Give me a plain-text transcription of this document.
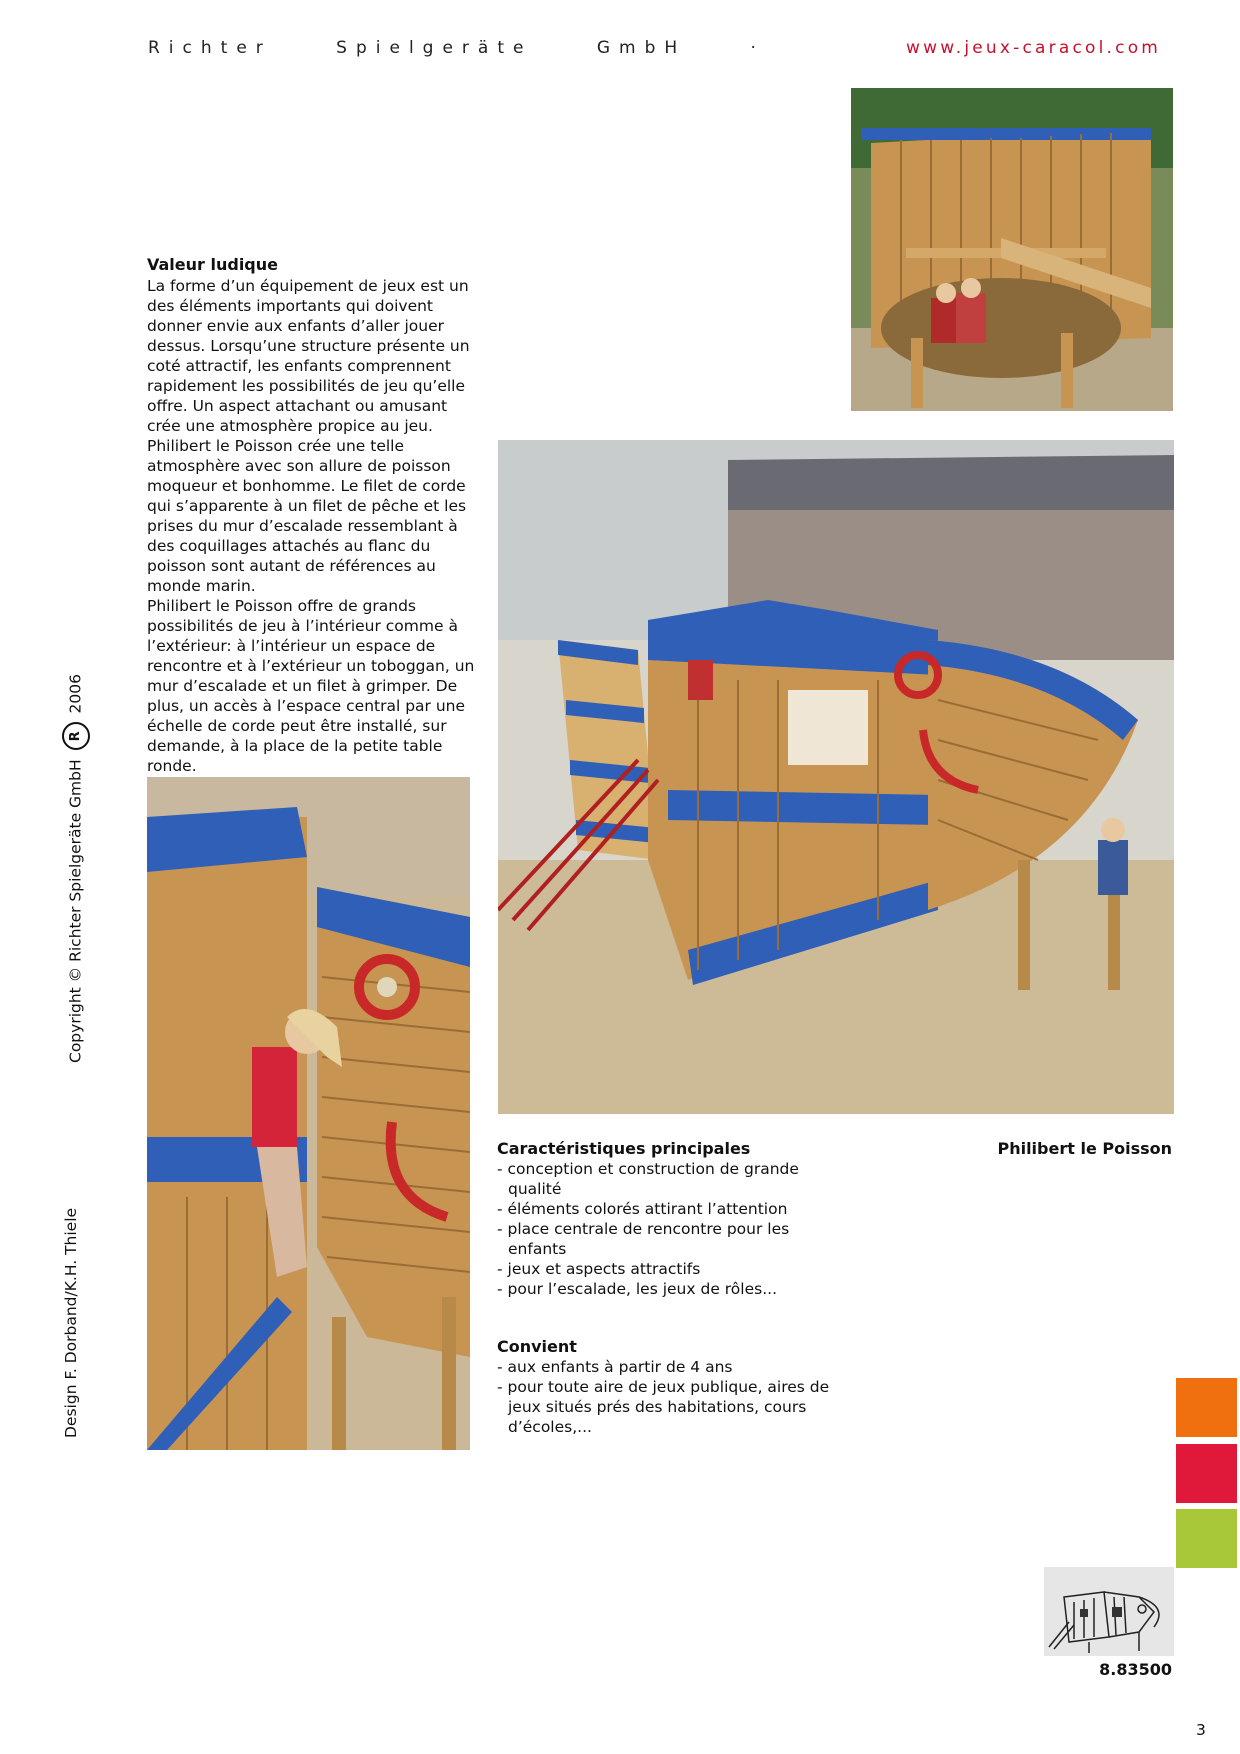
Richter Spielgeräte GmbH ·	www.jeux-caracol.com
Valeur ludique
La forme d’un équipement de jeux est un des éléments importants qui doivent donner envie aux enfants d’aller jouer dessus. Lorsqu’une structure présente un coté attractif, les enfants comprennent rapidement les possibilités de jeu qu’elle offre. Un aspect attachant ou amusant crée une atmosphère propice au jeu. Philibert le Poisson crée une telle atmosphère avec son allure de poisson moqueur et bonhomme. Le filet de corde qui s’apparente à un filet de pêche et les prises du mur d’escalade ressemblant à des coquillages attachés au flanc du poisson sont autant de références au monde marin.
Philibert le Poisson offre de grands possibilités de jeu à l’intérieur comme à l’extérieur: à l’intérieur un espace de rencontre et à l’extérieur un toboggan, un mur d’escalade et un filet à grimper. De plus, un accès à l’espace central par une échelle de corde peut être installé, sur demande, à la place de la petite table ronde.
Caractéristiques principales
- conception et construction de grande qualité
- éléments colorés attirant l’attention
- place centrale de rencontre pour les enfants
- jeux et aspects attractifs
- pour l’escalade, les jeux de rôles...
Convient
- aux enfants à partir de 4 ans
- pour toute aire de jeux publique, aires de jeux situés prés des habitations, cours d’écoles,...
Philibert le Poisson
Copyright © Richter Spielgeräte GmbH R 2006
Design F. Dorband/K.H. Thiele
8.83500
3
